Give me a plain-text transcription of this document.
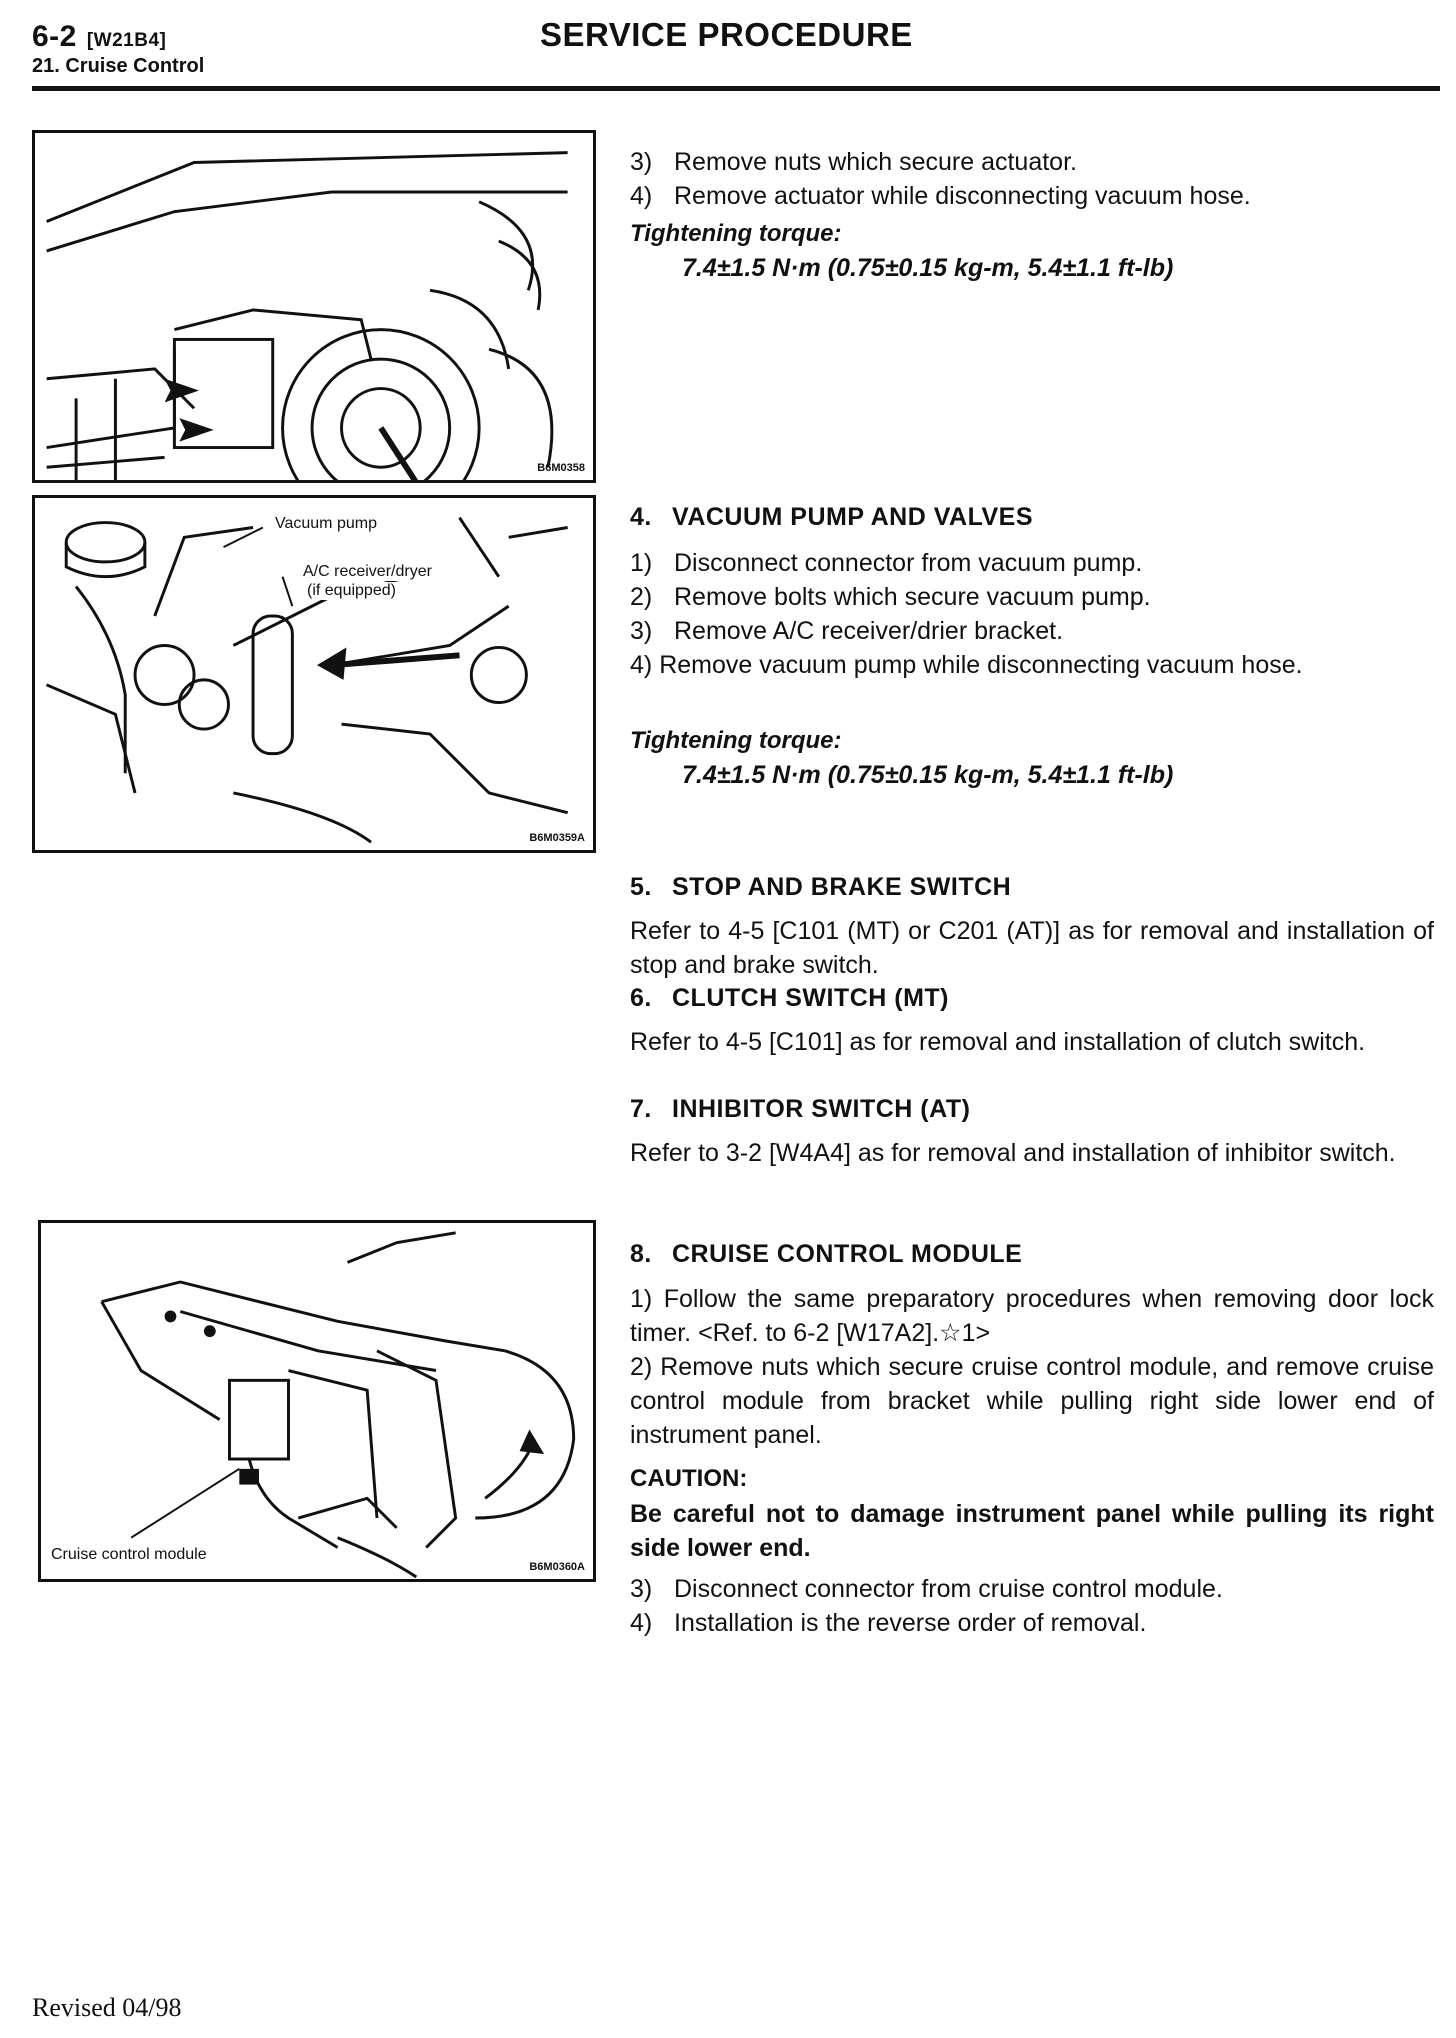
6-2 [W21B4]	SERVICE PROCEDURE
21. Cruise Control
B6M0358
Vacuum pump
A/C receiver/dryer
(if equipped)
B6M0359A
Cruise control module
B6M0360A
3) Remove nuts which secure actuator.
4) Remove actuator while disconnecting vacuum hose.
Tightening torque:
7.4±1.5 N·m (0.75±0.15 kg-m, 5.4±1.1 ft-lb)
4. VACUUM PUMP AND VALVES
1) Disconnect connector from vacuum pump.
2) Remove bolts which secure vacuum pump.
3) Remove A/C receiver/drier bracket.
4) Remove vacuum pump while disconnecting vacuum hose.
Tightening torque:
7.4±1.5 N·m (0.75±0.15 kg-m, 5.4±1.1 ft-lb)
5. STOP AND BRAKE SWITCH
Refer to 4-5 [C101 (MT) or C201 (AT)] as for removal and installation of stop and brake switch.
6. CLUTCH SWITCH (MT)
Refer to 4-5 [C101] as for removal and installation of clutch switch.
7. INHIBITOR SWITCH (AT)
Refer to 3-2 [W4A4] as for removal and installation of inhibitor switch.
8. CRUISE CONTROL MODULE
1) Follow the same preparatory procedures when removing door lock timer. <Ref. to 6-2 [W17A2].☆1>
2) Remove nuts which secure cruise control module, and remove cruise control module from bracket while pulling right side lower end of instrument panel.
CAUTION:
Be careful not to damage instrument panel while pulling its right side lower end.
3) Disconnect connector from cruise control module.
4) Installation is the reverse order of removal.
Revised 04/98
